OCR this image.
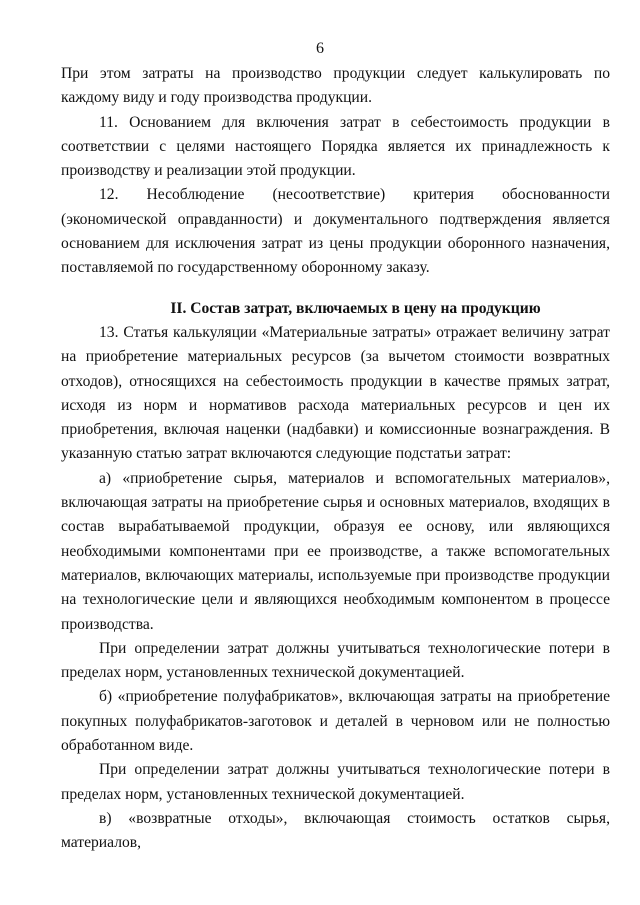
6

При этом затраты на производство продукции следует калькулировать по каждому виду и году производства продукции.

11. Основанием для включения затрат в себестоимость продукции в соответствии с целями настоящего Порядка является их принадлежность к производству и реализации этой продукции.

12. Несоблюдение (несоответствие) критерия обоснованности (экономической оправданности) и документального подтверждения является основанием для исключения затрат из цены продукции оборонного назначения, поставляемой по государственному оборонному заказу.

II. Состав затрат, включаемых в цену на продукцию

13. Статья калькуляции «Материальные затраты» отражает величину затрат на приобретение материальных ресурсов (за вычетом стоимости возвратных отходов), относящихся на себестоимость продукции в качестве прямых затрат, исходя из норм и нормативов расхода материальных ресурсов и цен их приобретения, включая наценки (надбавки) и комиссионные вознаграждения. В указанную статью затрат включаются следующие подстатьи затрат:

а) «приобретение сырья, материалов и вспомогательных материалов», включающая затраты на приобретение сырья и основных материалов, входящих в состав вырабатываемой продукции, образуя ее основу, или являющихся необходимыми компонентами при ее производстве, а также вспомогательных материалов, включающих материалы, используемые при производстве продукции на технологические цели и являющихся необходимым компонентом в процессе производства.

При определении затрат должны учитываться технологические потери в пределах норм, установленных технической документацией.

б) «приобретение полуфабрикатов», включающая затраты на приобретение покупных полуфабрикатов-заготовок и деталей в черновом или не полностью обработанном виде.

При определении затрат должны учитываться технологические потери в пределах норм, установленных технической документацией.

в) «возвратные отходы», включающая стоимость остатков сырья, материалов,
